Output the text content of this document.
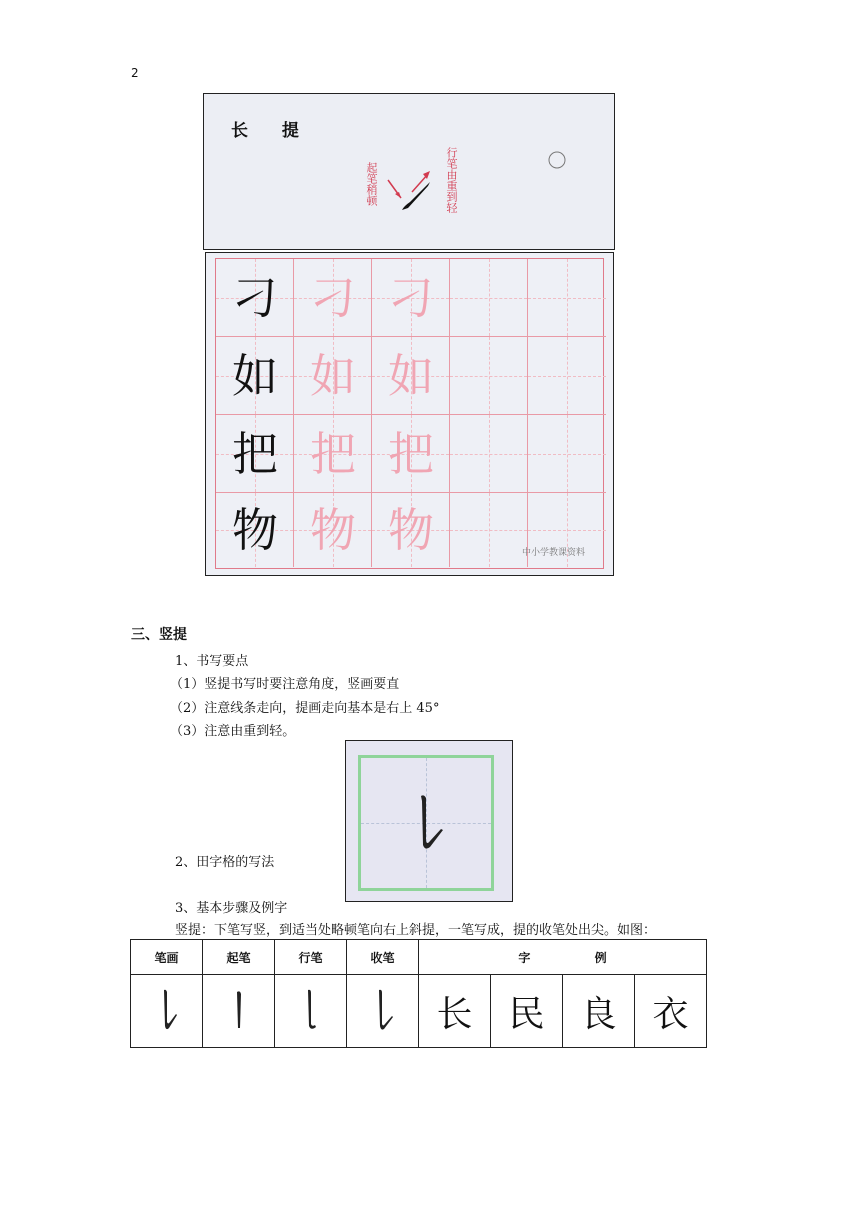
2
长 提
起笔稍顿	行笔由重到轻
刁 刁 刁
如 如 如
把 把 把
物 物 物	中小学教课资料
三、竖提
1、书写要点
（1）竖提书写时要注意角度，竖画要直
（2）注意线条走向，提画走向基本是右上 45°
（3）注意由重到轻。
2、田字格的写法
3、基本步骤及例字
竖提：下笔写竖，到适当处略顿笔向右上斜提，一笔写成，提的收笔处出尖。如图：
笔画	起笔	行笔	收笔	字 例			
				长	民	良	衣
